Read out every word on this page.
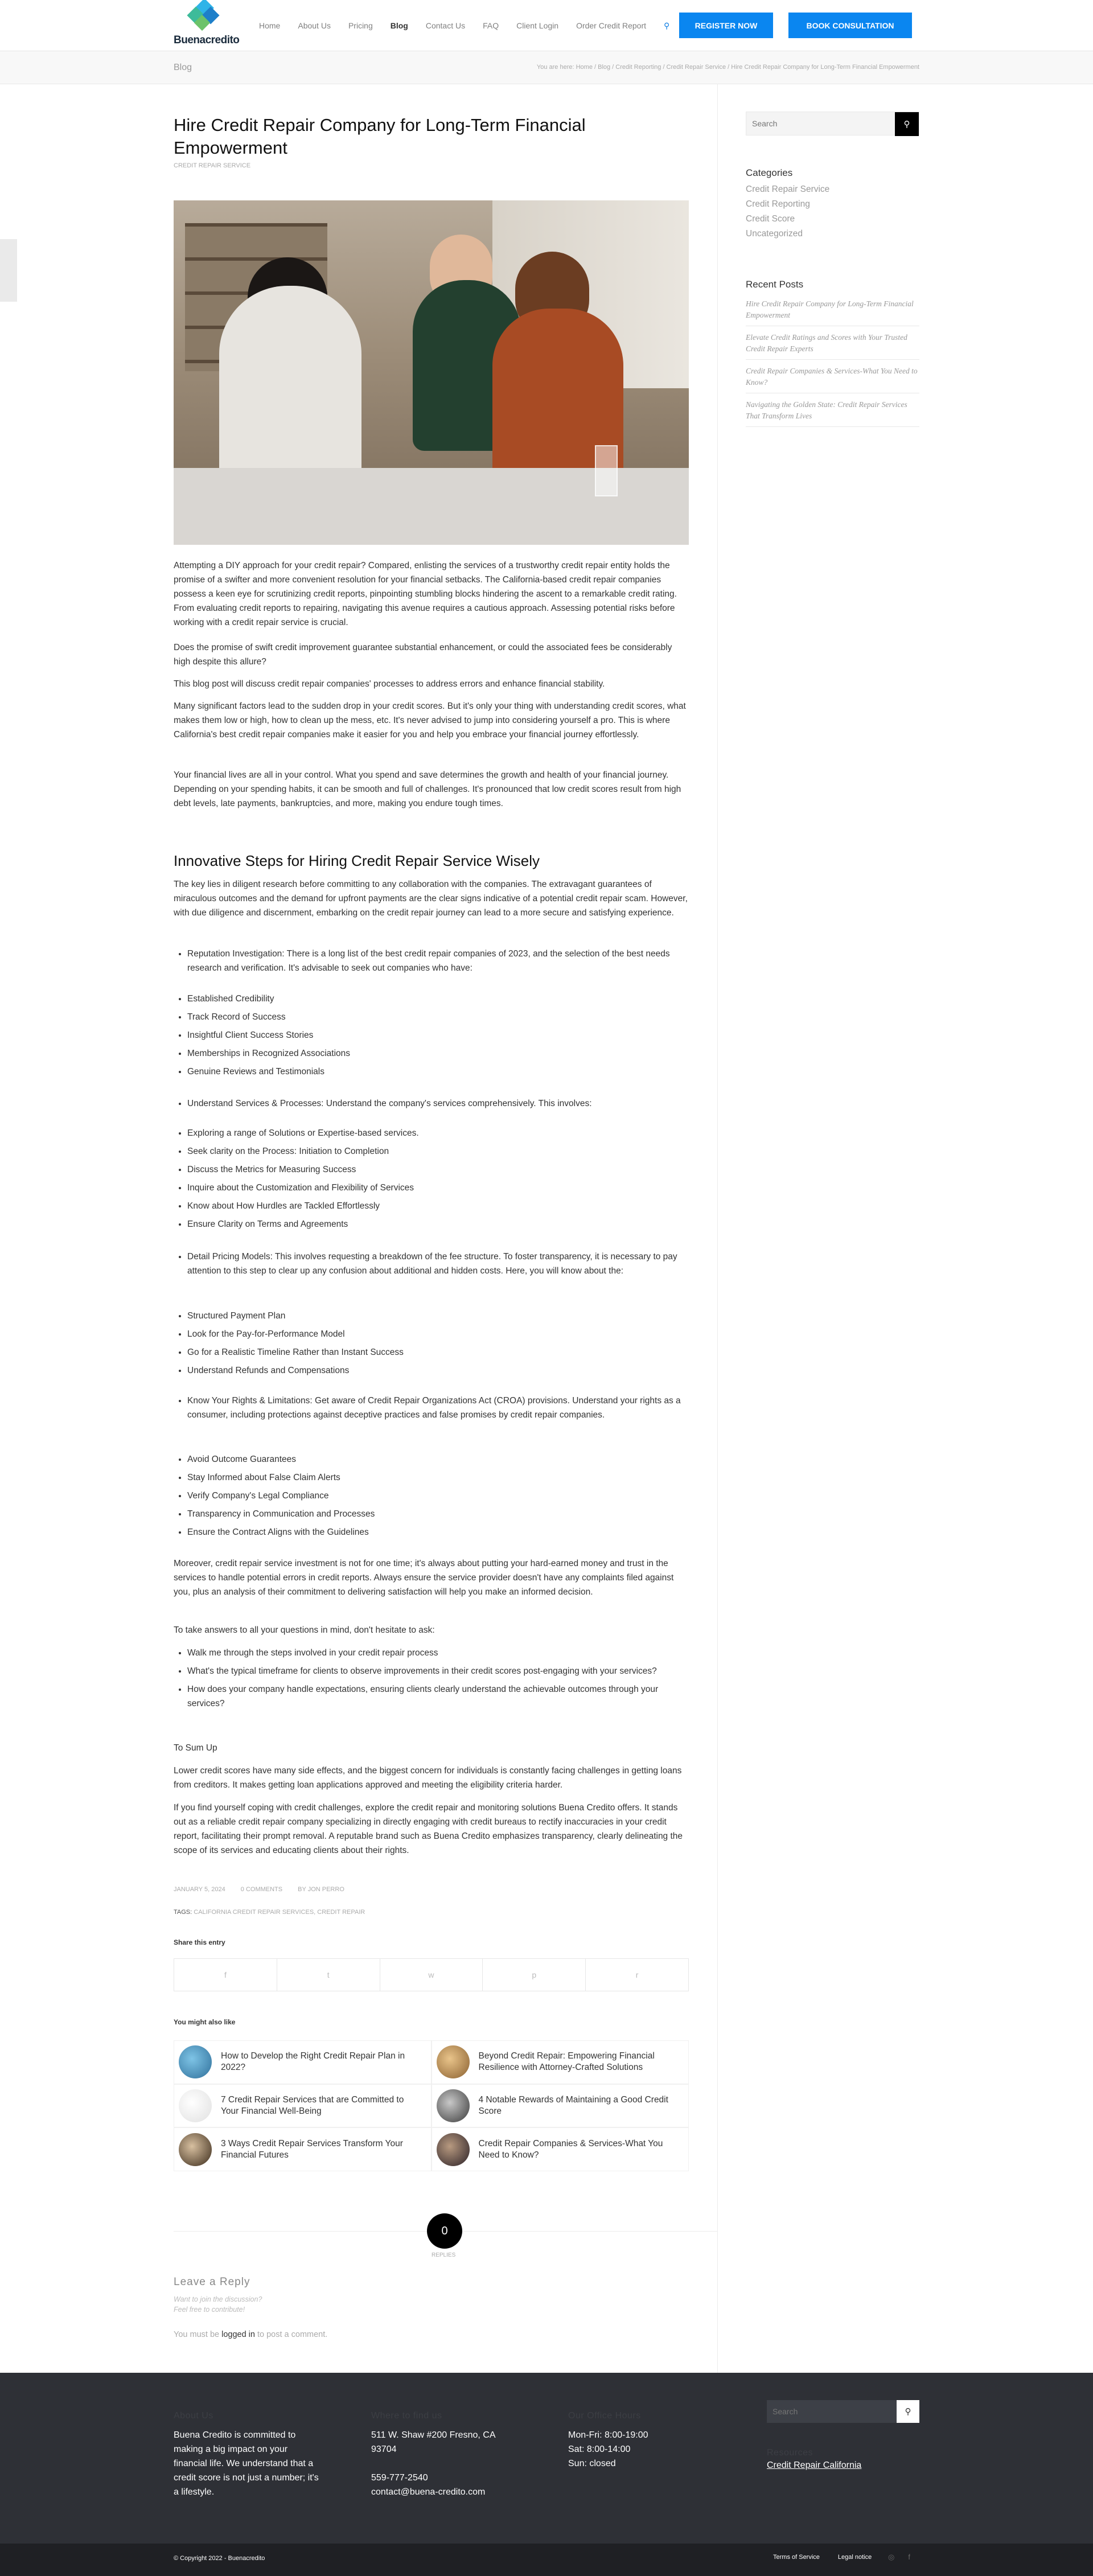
Buenacredito
Home About Us Pricing Blog Contact Us FAQ Client Login Order Credit Report ⚲	REGISTER NOW	BOOK CONSULTATION
Blog	You are here: Home / Blog / Credit Reporting / Credit Repair Service / Hire Credit Repair Company for Long-Term Financial Empowerment
Hire Credit Repair Company for Long-Term Financial Empowerment
CREDIT REPAIR SERVICE
Attempting a DIY approach for your credit repair? Compared, enlisting the services of a trustworthy credit repair entity holds the promise of a swifter and more convenient resolution for your financial setbacks. The California-based credit repair companies possess a keen eye for scrutinizing credit reports, pinpointing stumbling blocks hindering the ascent to a remarkable credit rating. From evaluating credit reports to repairing, navigating this avenue requires a cautious approach. Assessing potential risks before working with a credit repair service is crucial.
Does the promise of swift credit improvement guarantee substantial enhancement, or could the associated fees be considerably high despite this allure?
This blog post will discuss credit repair companies' processes to address errors and enhance financial stability.
Many significant factors lead to the sudden drop in your credit scores. But it's only your thing with understanding credit scores, what makes them low or high, how to clean up the mess, etc. It's never advised to jump into considering yourself a pro. This is where California's best credit repair companies make it easier for you and help you embrace your financial journey effortlessly.
Your financial lives are all in your control. What you spend and save determines the growth and health of your financial journey. Depending on your spending habits, it can be smooth and full of challenges. It's pronounced that low credit scores result from high debt levels, late payments, bankruptcies, and more, making you endure tough times.
Innovative Steps for Hiring Credit Repair Service Wisely
The key lies in diligent research before committing to any collaboration with the companies. The extravagant guarantees of miraculous outcomes and the demand for upfront payments are the clear signs indicative of a potential credit repair scam. However, with due diligence and discernment, embarking on the credit repair journey can lead to a more secure and satisfying experience.
Reputation Investigation: There is a long list of the best credit repair companies of 2023, and the selection of the best needs research and verification. It's advisable to seek out companies who have:
Established Credibility
Track Record of Success
Insightful Client Success Stories
Memberships in Recognized Associations
Genuine Reviews and Testimonials
Understand Services & Processes: Understand the company's services comprehensively. This involves:
Exploring a range of Solutions or Expertise-based services.
Seek clarity on the Process: Initiation to Completion
Discuss the Metrics for Measuring Success
Inquire about the Customization and Flexibility of Services
Know about How Hurdles are Tackled Effortlessly
Ensure Clarity on Terms and Agreements
Detail Pricing Models: This involves requesting a breakdown of the fee structure. To foster transparency, it is necessary to pay attention to this step to clear up any confusion about additional and hidden costs. Here, you will know about the:
Structured Payment Plan
Look for the Pay-for-Performance Model
Go for a Realistic Timeline Rather than Instant Success
Understand Refunds and Compensations
Know Your Rights & Limitations: Get aware of Credit Repair Organizations Act (CROA) provisions. Understand your rights as a consumer, including protections against deceptive practices and false promises by credit repair companies.
Avoid Outcome Guarantees
Stay Informed about False Claim Alerts
Verify Company's Legal Compliance
Transparency in Communication and Processes
Ensure the Contract Aligns with the Guidelines
Moreover, credit repair service investment is not for one time; it's always about putting your hard-earned money and trust in the services to handle potential errors in credit reports. Always ensure the service provider doesn't have any complaints filed against you, plus an analysis of their commitment to delivering satisfaction will help you make an informed decision.
To take answers to all your questions in mind, don't hesitate to ask:
Walk me through the steps involved in your credit repair process
What's the typical timeframe for clients to observe improvements in their credit scores post-engaging with your services?
How does your company handle expectations, ensuring clients clearly understand the achievable outcomes through your services?
To Sum Up
Lower credit scores have many side effects, and the biggest concern for individuals is constantly facing challenges in getting loans from creditors. It makes getting loan applications approved and meeting the eligibility criteria harder.
If you find yourself coping with credit challenges, explore the credit repair and monitoring solutions Buena Credito offers. It stands out as a reliable credit repair company specializing in directly engaging with credit bureaus to rectify inaccuracies in your credit report, facilitating their prompt removal. A reputable brand such as Buena Credito emphasizes transparency, clearly delineating the scope of its services and educating clients about their rights.
JANUARY 5, 2024 0 COMMENTS BY JON PERRO
TAGS: CALIFORNIA CREDIT REPAIR SERVICES, CREDIT REPAIR
Share this entry
f	t	w	p	r
You might also like
How to Develop the Right Credit Repair Plan in 2022?
Beyond Credit Repair: Empowering Financial Resilience with Attorney-Crafted Solutions
7 Credit Repair Services that are Committed to Your Financial Well-Being
4 Notable Rewards of Maintaining a Good Credit Score
3 Ways Credit Repair Services Transform Your Financial Futures
Credit Repair Companies & Services-What You Need to Know?
0
REPLIES
Leave a Reply
Want to join the discussion?
Feel free to contribute!
You must be logged in to post a comment.
Search
⚲
Categories
Credit Repair Service
Credit Reporting
Credit Score
Uncategorized
Recent Posts
Hire Credit Repair Company for Long-Term Financial Empowerment
Elevate Credit Ratings and Scores with Your Trusted Credit Repair Experts
Credit Repair Companies & Services-What You Need to Know?
Navigating the Golden State: Credit Repair Services That Transform Lives
About Us
Buena Credito is committed to making a big impact on your financial life. We understand that a credit score is not just a number; it's a lifestyle.
Where to find us
511 W. Shaw #200 Fresno, CA 93704
559-777-2540
contact@buena-credito.com
Our Office Hours
Mon-Fri: 8:00-19:00
Sat: 8:00-14:00
Sun: closed
Search
⚲
Resources
Credit Repair California
© Copyright 2022 - Buenacredito	Terms of Service	Legal notice ◎ f
